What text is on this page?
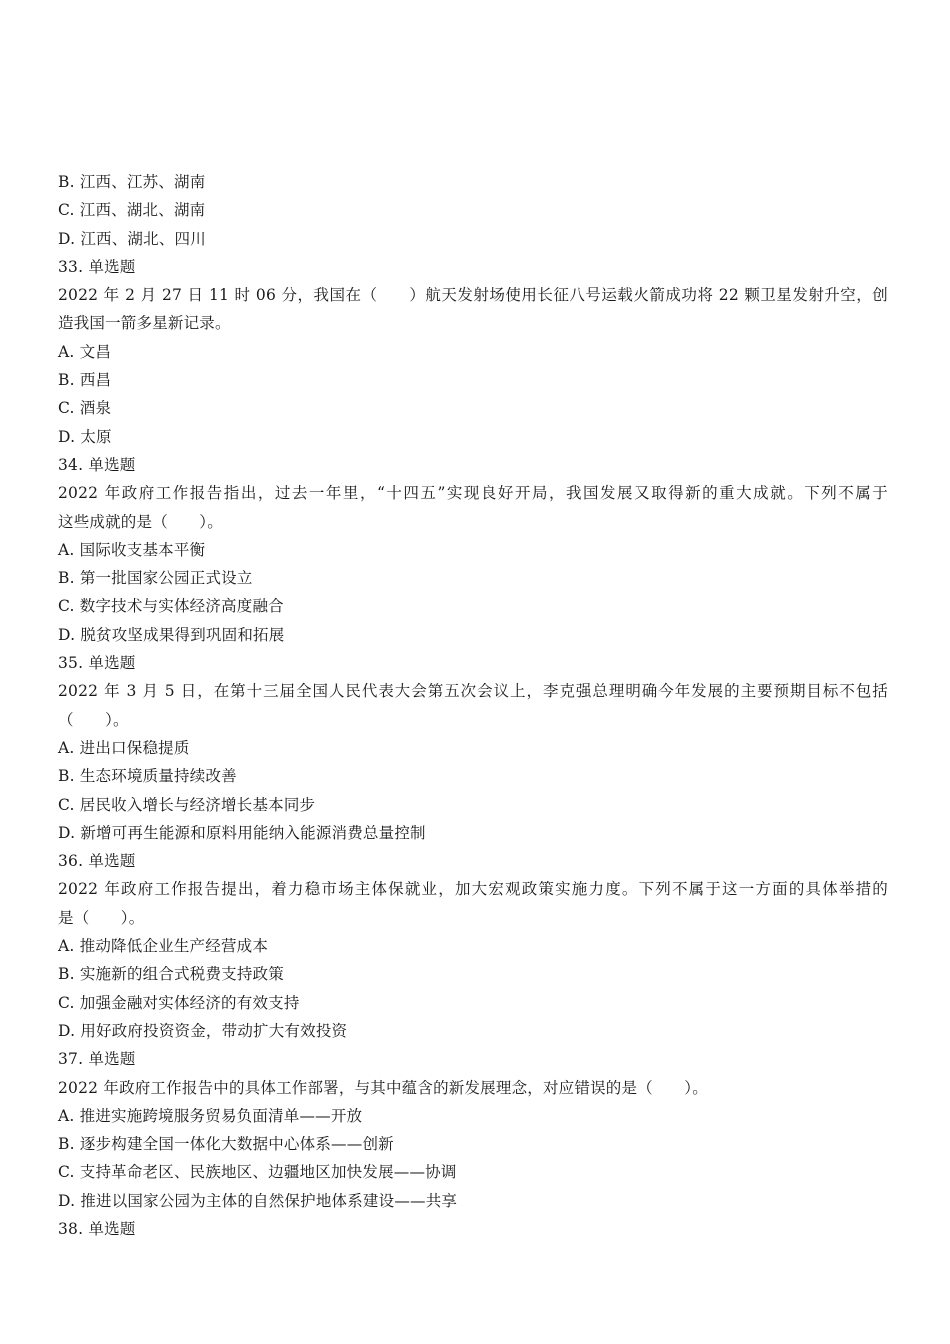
B. 江西、江苏、湖南
C. 江西、湖北、湖南
D. 江西、湖北、四川
33. 单选题
2022 年 2 月 27 日 11 时 06 分，我国在（　　）航天发射场使用长征八号运载火箭成功将 22 颗卫星发射升空，创
造我国一箭多星新记录。
A. 文昌
B. 西昌
C. 酒泉
D. 太原
34. 单选题
2022 年政府工作报告指出，过去一年里，“十四五”实现良好开局，我国发展又取得新的重大成就。下列不属于
这些成就的是（　　）。
A. 国际收支基本平衡
B. 第一批国家公园正式设立
C. 数字技术与实体经济高度融合
D. 脱贫攻坚成果得到巩固和拓展
35. 单选题
2022 年 3 月 5 日，在第十三届全国人民代表大会第五次会议上，李克强总理明确今年发展的主要预期目标不包括
（　　）。
A. 进出口保稳提质
B. 生态环境质量持续改善
C. 居民收入增长与经济增长基本同步
D. 新增可再生能源和原料用能纳入能源消费总量控制
36. 单选题
2022 年政府工作报告提出，着力稳市场主体保就业，加大宏观政策实施力度。下列不属于这一方面的具体举措的
是（　　）。
A. 推动降低企业生产经营成本
B. 实施新的组合式税费支持政策
C. 加强金融对实体经济的有效支持
D. 用好政府投资资金，带动扩大有效投资
37. 单选题
2022 年政府工作报告中的具体工作部署，与其中蕴含的新发展理念，对应错误的是（　　）。
A. 推进实施跨境服务贸易负面清单——开放
B. 逐步构建全国一体化大数据中心体系——创新
C. 支持革命老区、民族地区、边疆地区加快发展——协调
D. 推进以国家公园为主体的自然保护地体系建设——共享
38. 单选题
